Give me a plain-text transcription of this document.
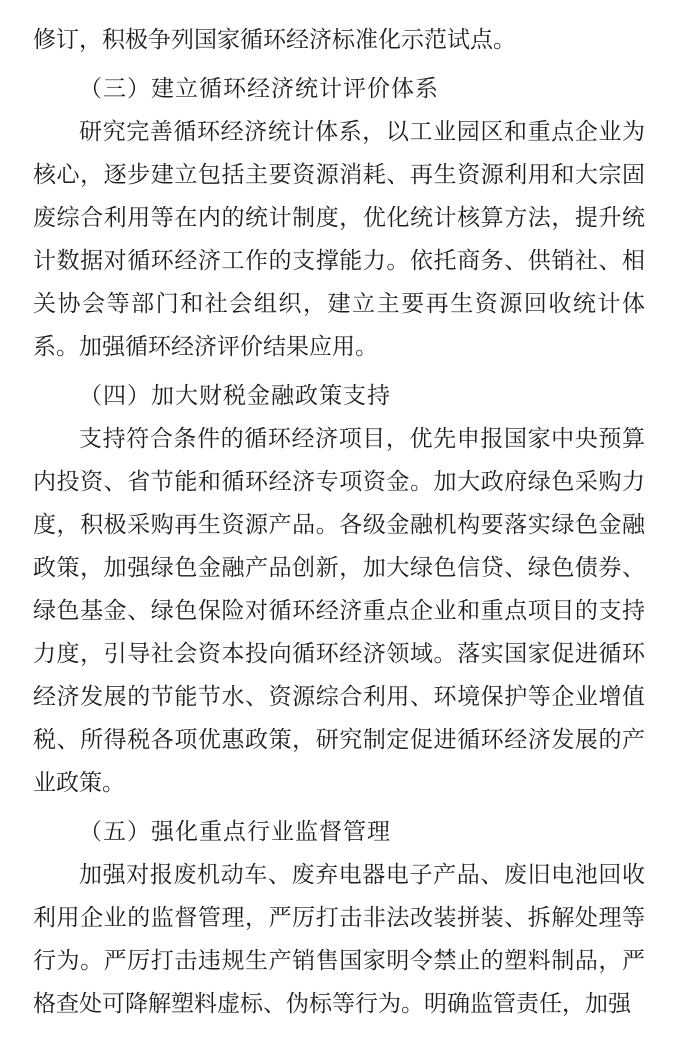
修订，积极争列国家循环经济标准化示范试点。

（三）建立循环经济统计评价体系

研究完善循环经济统计体系，以工业园区和重点企业为核心，逐步建立包括主要资源消耗、再生资源利用和大宗固废综合利用等在内的统计制度，优化统计核算方法，提升统计数据对循环经济工作的支撑能力。依托商务、供销社、相关协会等部门和社会组织，建立主要再生资源回收统计体系。加强循环经济评价结果应用。

（四）加大财税金融政策支持

支持符合条件的循环经济项目，优先申报国家中央预算内投资、省节能和循环经济专项资金。加大政府绿色采购力度，积极采购再生资源产品。各级金融机构要落实绿色金融政策，加强绿色金融产品创新，加大绿色信贷、绿色债券、绿色基金、绿色保险对循环经济重点企业和重点项目的支持力度，引导社会资本投向循环经济领域。落实国家促进循环经济发展的节能节水、资源综合利用、环境保护等企业增值税、所得税各项优惠政策，研究制定促进循环经济发展的产业政策。

（五）强化重点行业监督管理

加强对报废机动车、废弃电器电子产品、废旧电池回收利用企业的监督管理，严厉打击非法改装拼装、拆解处理等行为。严厉打击违规生产销售国家明令禁止的塑料制品，严格查处可降解塑料虚标、伪标等行为。明确监管责任，加强
